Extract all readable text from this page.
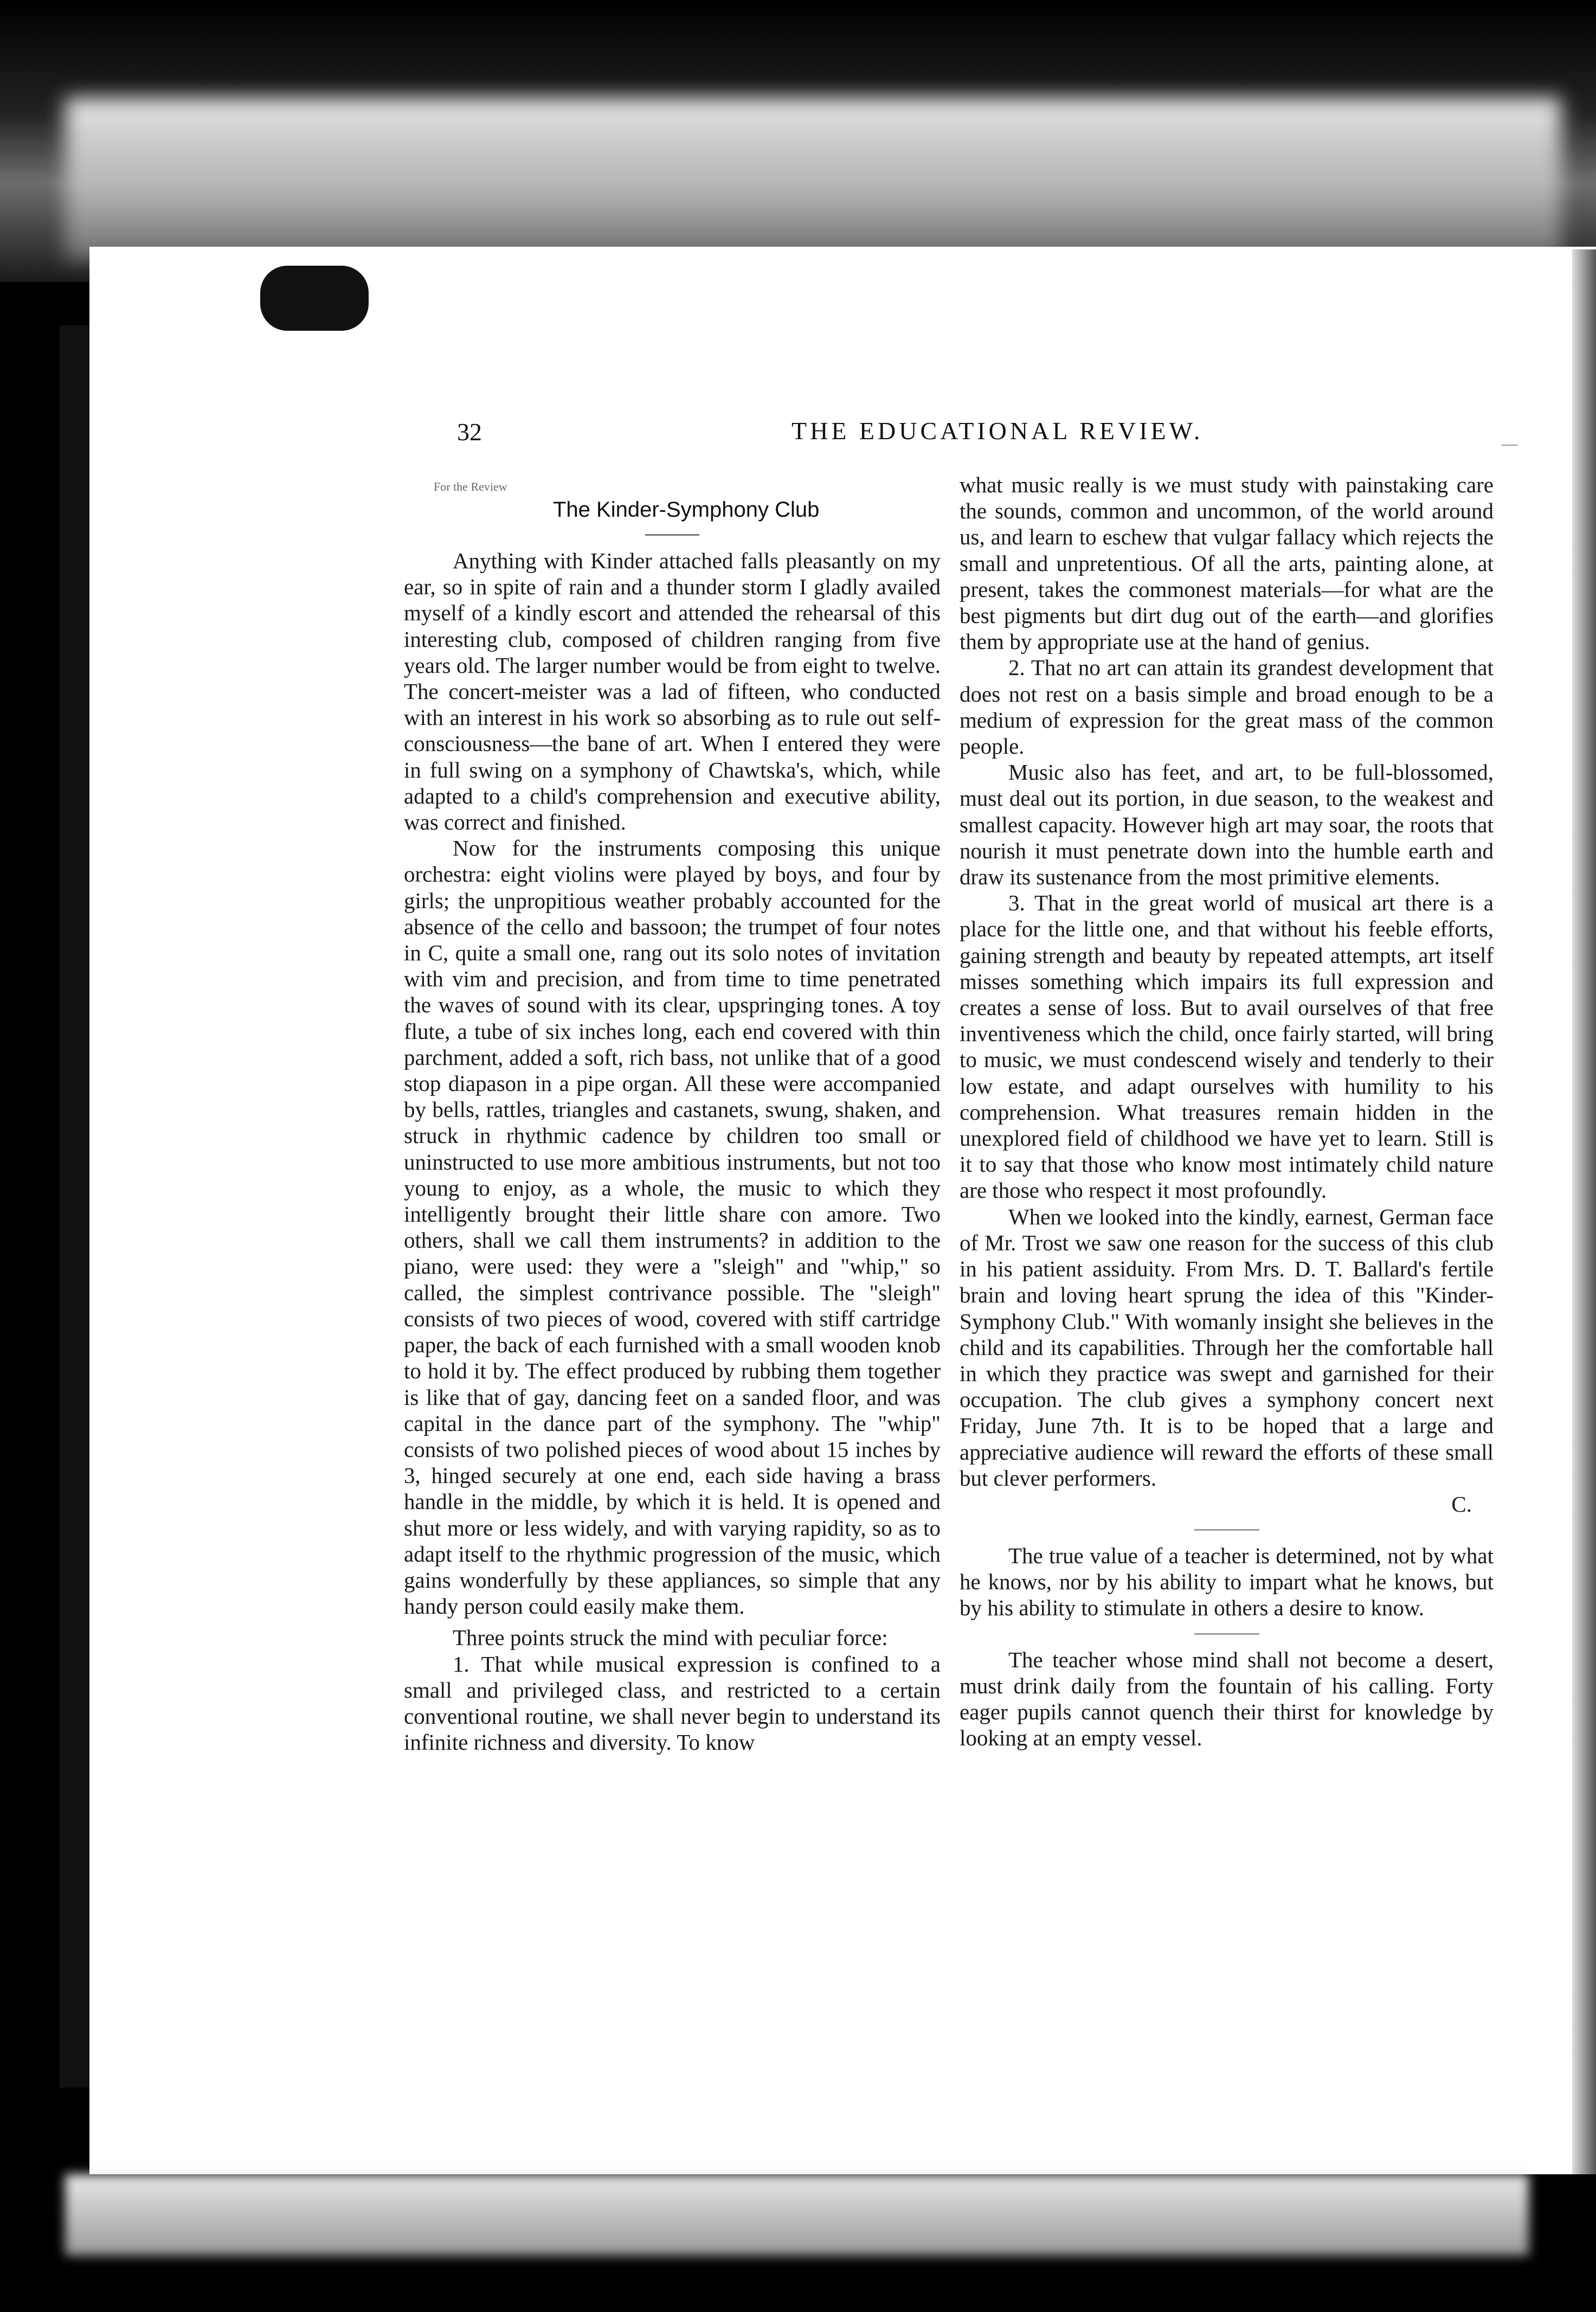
32	THE EDUCATIONAL REVIEW.
For the Review
The Kinder-Symphony Club

Anything with Kinder attached falls pleasantly on my ear, so in spite of rain and a thunder storm I gladly availed myself of a kindly escort and attended the rehearsal of this interesting club, composed of children ranging from five years old. The larger number would be from eight to twelve. The concert-meister was a lad of fifteen, who conducted with an interest in his work so absorbing as to rule out self-consciousness—the bane of art. When I entered they were in full swing on a symphony of Chawtska's, which, while adapted to a child's comprehension and executive ability, was correct and finished.

Now for the instruments composing this unique orchestra: eight violins were played by boys, and four by girls; the unpropitious weather probably accounted for the absence of the cello and bassoon; the trumpet of four notes in C, quite a small one, rang out its solo notes of invitation with vim and precision, and from time to time penetrated the waves of sound with its clear, upspringing tones. A toy flute, a tube of six inches long, each end covered with thin parchment, added a soft, rich bass, not unlike that of a good stop diapason in a pipe organ. All these were accompanied by bells, rattles, triangles and castanets, swung, shaken, and struck in rhythmic cadence by children too small or uninstructed to use more ambitious instruments, but not too young to enjoy, as a whole, the music to which they intelligently brought their little share con amore. Two others, shall we call them instruments? in addition to the piano, were used: they were a "sleigh" and "whip," so called, the simplest contrivance possible. The "sleigh" consists of two pieces of wood, covered with stiff cartridge paper, the back of each furnished with a small wooden knob to hold it by. The effect produced by rubbing them together is like that of gay, dancing feet on a sanded floor, and was capital in the dance part of the symphony. The "whip" consists of two polished pieces of wood about 15 inches by 3, hinged securely at one end, each side having a brass handle in the middle, by which it is held. It is opened and shut more or less widely, and with varying rapidity, so as to adapt itself to the rhythmic progression of the music, which gains wonderfully by these appliances, so simple that any handy person could easily make them.

Three points struck the mind with peculiar force:

1. That while musical expression is confined to a small and privileged class, and restricted to a certain conventional routine, we shall never begin to understand its infinite richness and diversity. To know

what music really is we must study with painstaking care the sounds, common and uncommon, of the world around us, and learn to eschew that vulgar fallacy which rejects the small and unpretentious. Of all the arts, painting alone, at present, takes the commonest materials—for what are the best pigments but dirt dug out of the earth—and glorifies them by appropriate use at the hand of genius.

2. That no art can attain its grandest development that does not rest on a basis simple and broad enough to be a medium of expression for the great mass of the common people.

Music also has feet, and art, to be full-blossomed, must deal out its portion, in due season, to the weakest and smallest capacity. However high art may soar, the roots that nourish it must penetrate down into the humble earth and draw its sustenance from the most primitive elements.

3. That in the great world of musical art there is a place for the little one, and that without his feeble efforts, gaining strength and beauty by repeated attempts, art itself misses something which impairs its full expression and creates a sense of loss. But to avail ourselves of that free inventiveness which the child, once fairly started, will bring to music, we must condescend wisely and tenderly to their low estate, and adapt ourselves with humility to his comprehension. What treasures remain hidden in the unexplored field of childhood we have yet to learn. Still is it to say that those who know most intimately child nature are those who respect it most profoundly.

When we looked into the kindly, earnest, German face of Mr. Trost we saw one reason for the success of this club in his patient assiduity. From Mrs. D. T. Ballard's fertile brain and loving heart sprung the idea of this "Kinder-Symphony Club." With womanly insight she believes in the child and its capabilities. Through her the comfortable hall in which they practice was swept and garnished for their occupation. The club gives a symphony concert next Friday, June 7th. It is to be hoped that a large and appreciative audience will reward the efforts of these small but clever performers.

C.

The true value of a teacher is determined, not by what he knows, nor by his ability to impart what he knows, but by his ability to stimulate in others a desire to know.

The teacher whose mind shall not become a desert, must drink daily from the fountain of his calling. Forty eager pupils cannot quench their thirst for knowledge by looking at an empty vessel.
